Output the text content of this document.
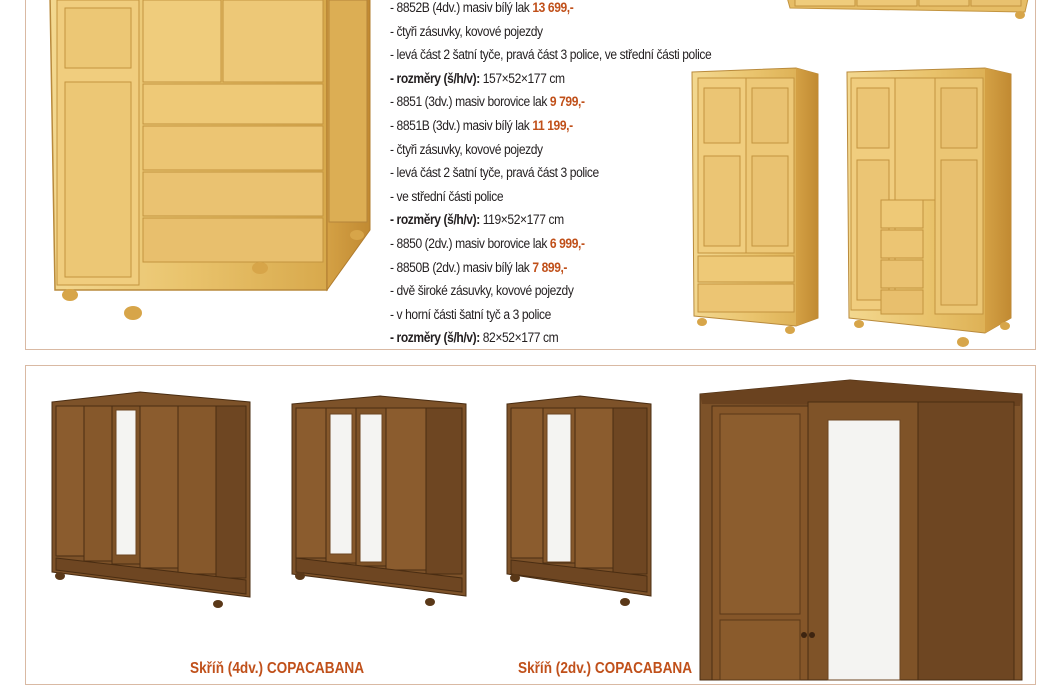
- 8852B (4dv.) masiv bílý lak 13 699,-
- čtyři zásuvky, kovové pojezdy
- levá část 2 šatní tyče, pravá část 3 police, ve střední části police
- rozměry (š/h/v): 157×52×177 cm
- 8851 (3dv.) masiv borovice lak 9 799,-
- 8851B (3dv.) masiv bílý lak 11 199,-
- čtyři zásuvky, kovové pojezdy
- levá část 2 šatní tyče, pravá část 3 police
- ve střední části police
- rozměry (š/h/v): 119×52×177 cm
- 8850 (2dv.) masiv borovice lak 6 999,-
- 8850B (2dv.) masiv bílý lak 7 899,-
- dvě široké zásuvky, kovové pojezdy
- v horní části šatní tyč a 3 police
- rozměry (š/h/v): 82×52×177 cm
Skříň (4dv.) COPACABANA	Skříň (2dv.) COPACABANA
